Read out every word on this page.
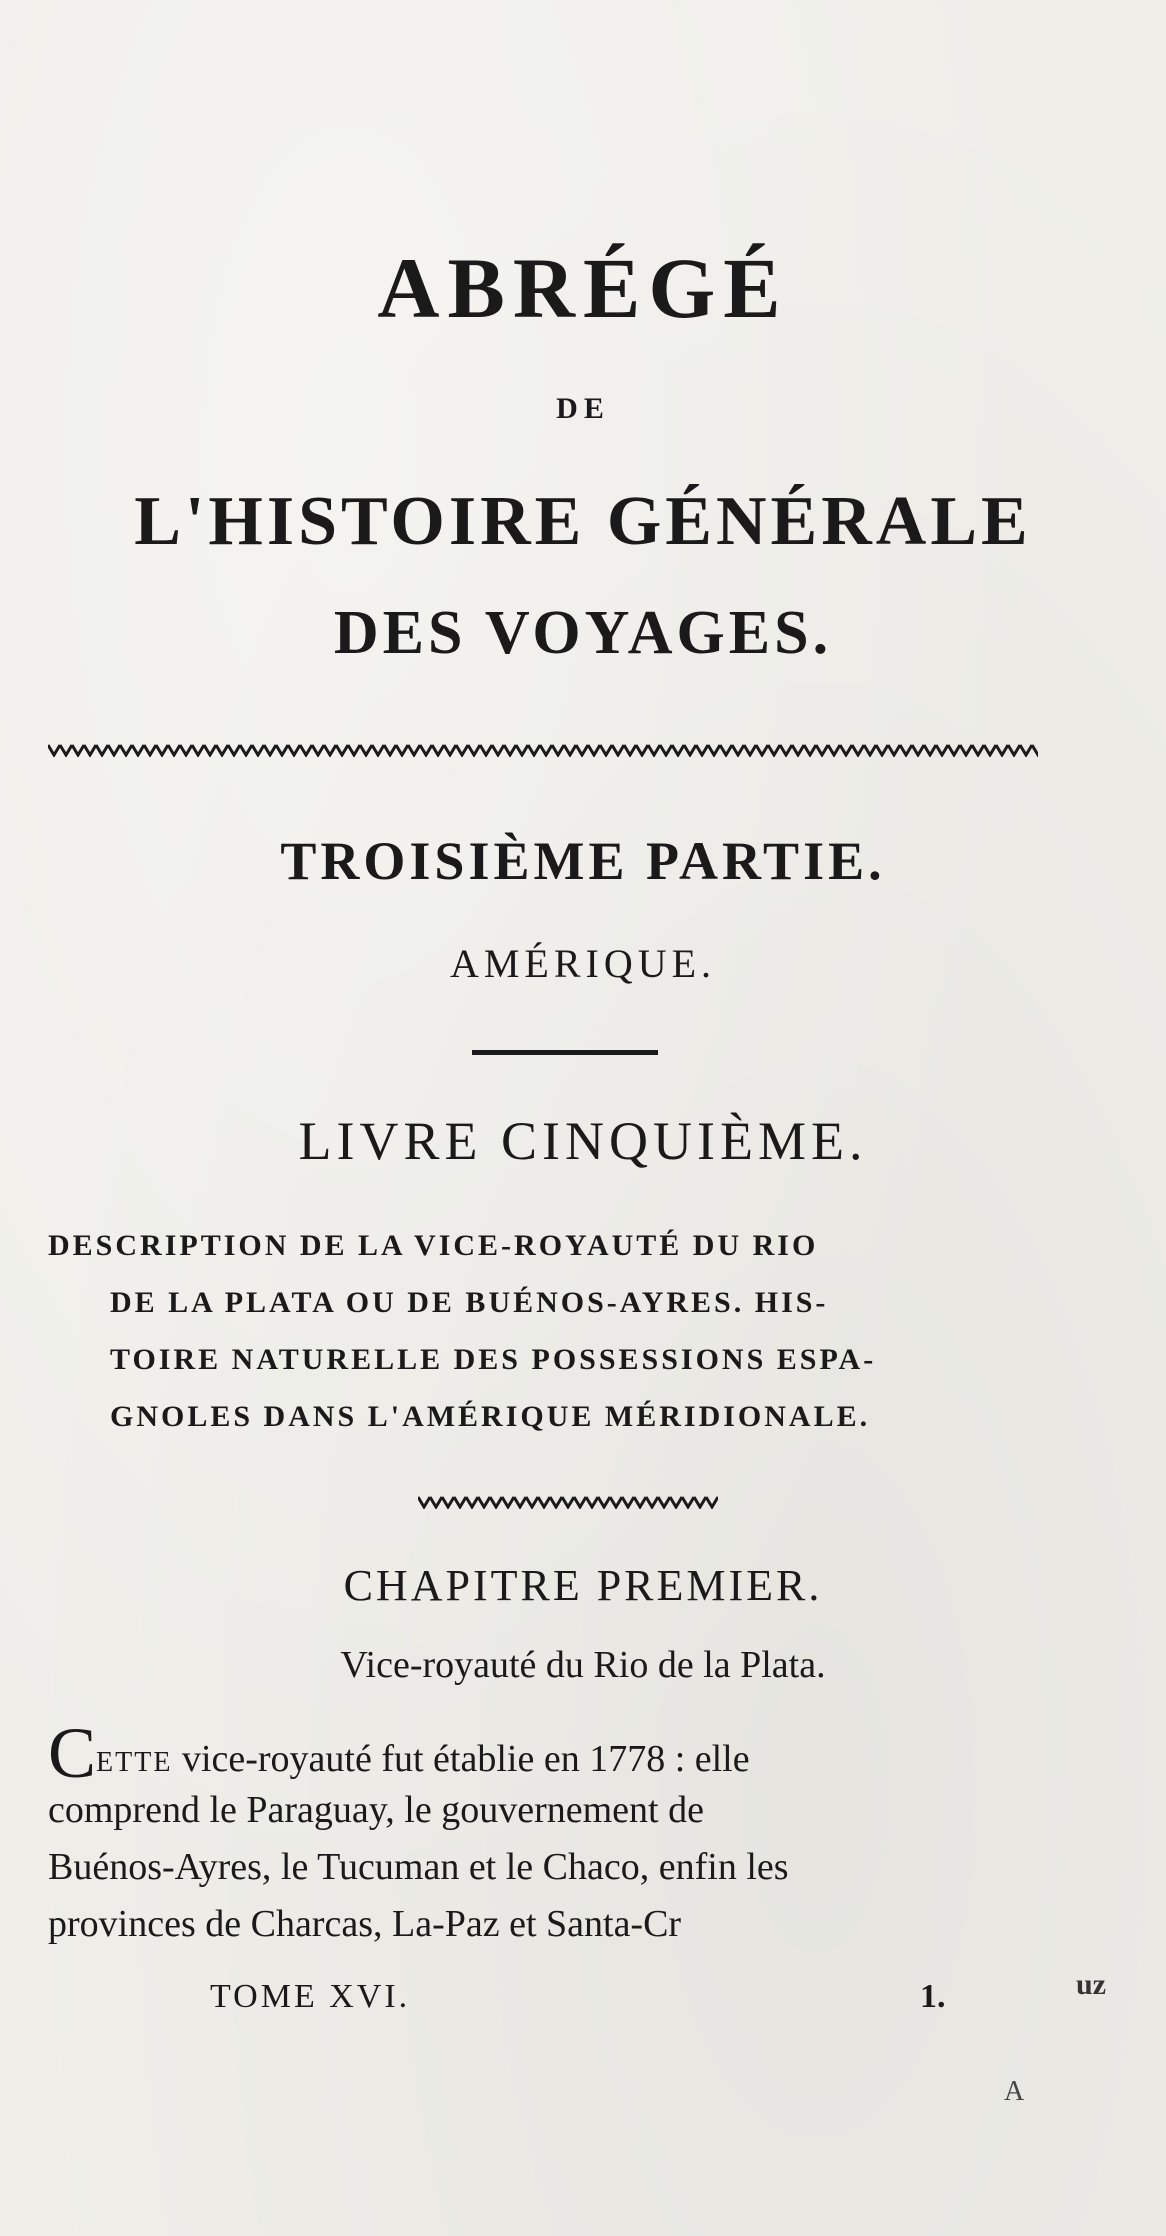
ABRÉGÉ
DE
L'HISTOIRE GÉNÉRALE
DES VOYAGES.
TROISIÈME PARTIE.
AMÉRIQUE.
LIVRE CINQUIÈME.
DESCRIPTION DE LA VICE-ROYAUTÉ DU RIO
DE LA PLATA OU DE BUÉNOS-AYRES. HIS-
TOIRE NATURELLE DES POSSESSIONS ESPA-
GNOLES DANS L'AMÉRIQUE MÉRIDIONALE.
CHAPITRE PREMIER.
Vice-royauté du Rio de la Plata.
CETTE vice-royauté fut établie en 1778 : elle
comprend le Paraguay, le gouvernement de
Buénos-Ayres, le Tucuman et le Chaco, enfin les
provinces de Charcas, La-Paz et Santa-Cr
TOME XVI.	1.	uz
A
